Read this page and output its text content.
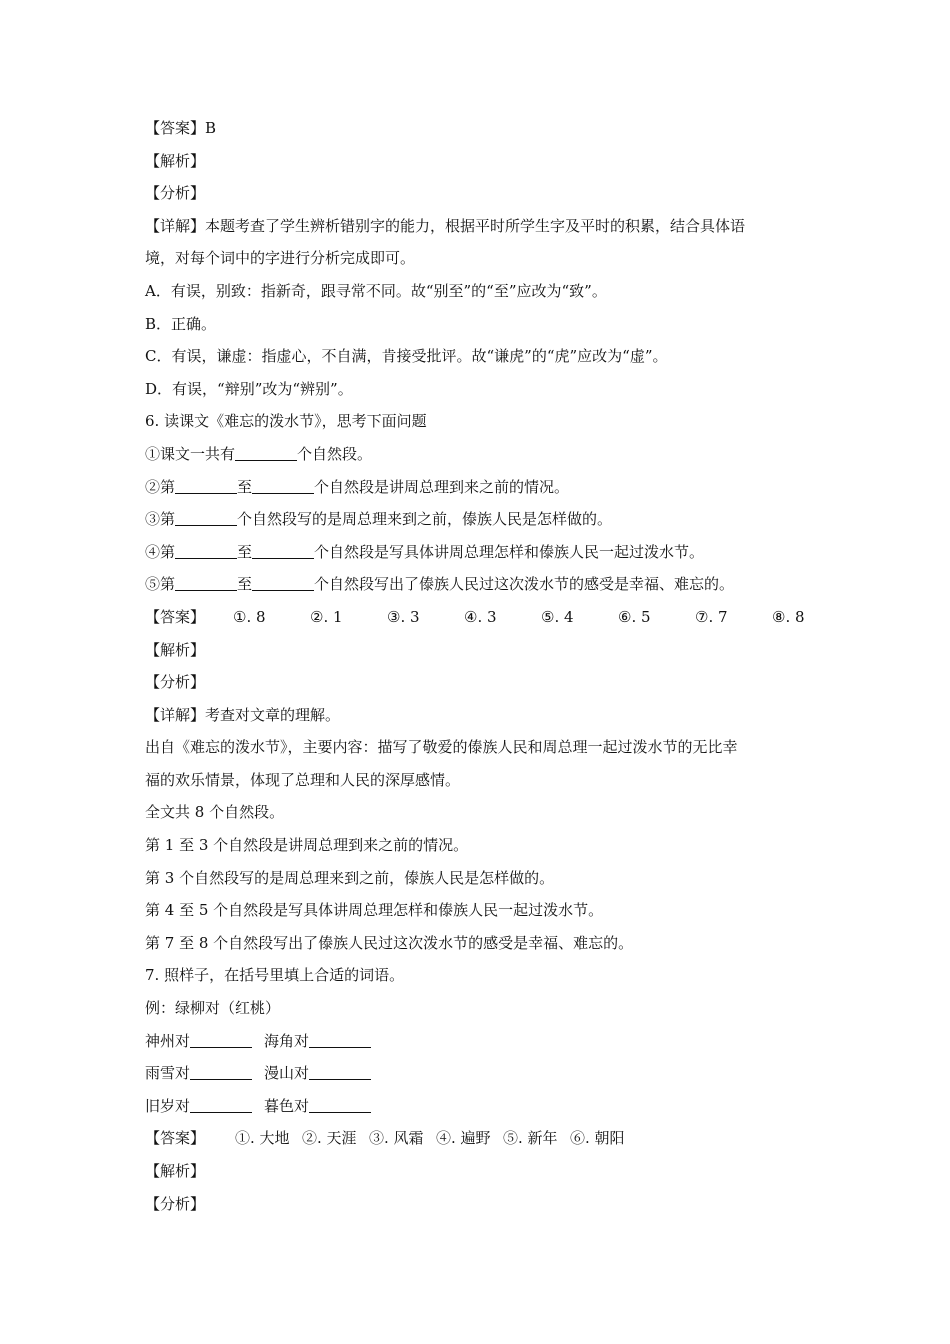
【答案】B
【解析】
【分析】
【详解】本题考查了学生辨析错别字的能力，根据平时所学生字及平时的积累，结合具体语
境，对每个词中的字进行分析完成即可。
A．有误，别致：指新奇，跟寻常不同。故“别至”的“至”应改为“致”。
B．正确。
C．有误，谦虚：指虚心，不自满，肯接受批评。故“谦虎”的“虎”应改为“虚”。
D．有误，“辩别”改为“辨别”。
6. 读课文《难忘的泼水节》，思考下面问题
①课文一共有	个自然段。
②第	至	个自然段是讲周总理到来之前的情况。
③第	个自然段写的是周总理来到之前，傣族人民是怎样做的。
④第	至	个自然段是写具体讲周总理怎样和傣族人民一起过泼水节。
⑤第	至	个自然段写出了傣族人民过这次泼水节的感受是幸福、难忘的。
【答案】 ①. 8	②. 1	③. 3	④. 3	⑤. 4	⑥. 5	⑦. 7	⑧. 8
【解析】
【分析】
【详解】考查对文章的理解。
出自《难忘的泼水节》，主要内容：描写了敬爱的傣族人民和周总理一起过泼水节的无比幸
福的欢乐情景，体现了总理和人民的深厚感情。
全文共 8 个自然段。
第 1 至 3 个自然段是讲周总理到来之前的情况。
第 3 个自然段写的是周总理来到之前，傣族人民是怎样做的。
第 4 至 5 个自然段是写具体讲周总理怎样和傣族人民一起过泼水节。
第 7 至 8 个自然段写出了傣族人民过这次泼水节的感受是幸福、难忘的。
7. 照样子，在括号里填上合适的词语。
例：绿柳对（红桃）
神州对	海角对
雨雪对	漫山对
旧岁对	暮色对
【答案】 ①. 大地 ②. 天涯 ③. 风霜 ④. 遍野 ⑤. 新年 ⑥. 朝阳
【解析】
【分析】
